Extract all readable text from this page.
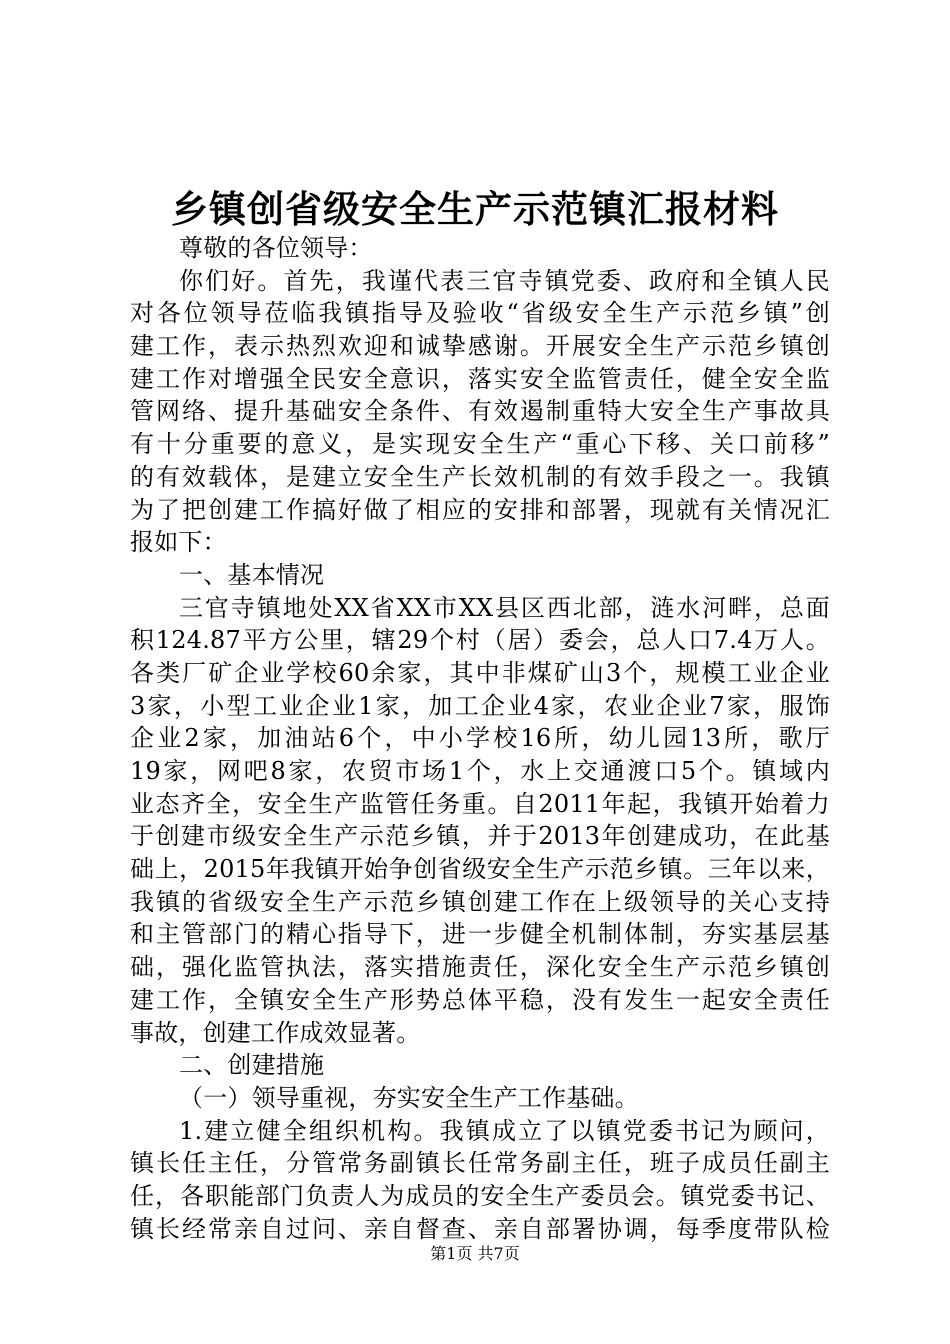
乡镇创省级安全生产示范镇汇报材料

尊敬的各位领导：

你们好。首先，我谨代表三官寺镇党委、政府和全镇人民

对各位领导莅临我镇指导及验收“省级安全生产示范乡镇”创

建工作，表示热烈欢迎和诚挚感谢。开展安全生产示范乡镇创

建工作对增强全民安全意识，落实安全监管责任，健全安全监

管网络、提升基础安全条件、有效遏制重特大安全生产事故具

有十分重要的意义，是实现安全生产“重心下移、关口前移”

的有效载体，是建立安全生产长效机制的有效手段之一。我镇

为了把创建工作搞好做了相应的安排和部署，现就有关情况汇

报如下：

一、基本情况

三官寺镇地处XX省XX市XX县区西北部，涟水河畔，总面

积124.87平方公里，辖29个村（居）委会，总人口7.4万人。

各类厂矿企业学校60余家，其中非煤矿山3个，规模工业企业

3家，小型工业企业1家，加工企业4家，农业企业7家，服饰

企业2家，加油站6个，中小学校16所，幼儿园13所，歌厅

19家，网吧8家，农贸市场1个，水上交通渡口5个。镇域内

业态齐全，安全生产监管任务重。自2011年起，我镇开始着力

于创建市级安全生产示范乡镇，并于2013年创建成功，在此基

础上，2015年我镇开始争创省级安全生产示范乡镇。三年以来，

我镇的省级安全生产示范乡镇创建工作在上级领导的关心支持

和主管部门的精心指导下，进一步健全机制体制，夯实基层基

础，强化监管执法，落实措施责任，深化安全生产示范乡镇创

建工作，全镇安全生产形势总体平稳，没有发生一起安全责任

事故，创建工作成效显著。

二、创建措施

（一）领导重视，夯实安全生产工作基础。

1.建立健全组织机构。我镇成立了以镇党委书记为顾问，

镇长任主任，分管常务副镇长任常务副主任，班子成员任副主

任，各职能部门负责人为成员的安全生产委员会。镇党委书记、

镇长经常亲自过问、亲自督查、亲自部署协调，每季度带队检

第1页 共7页
